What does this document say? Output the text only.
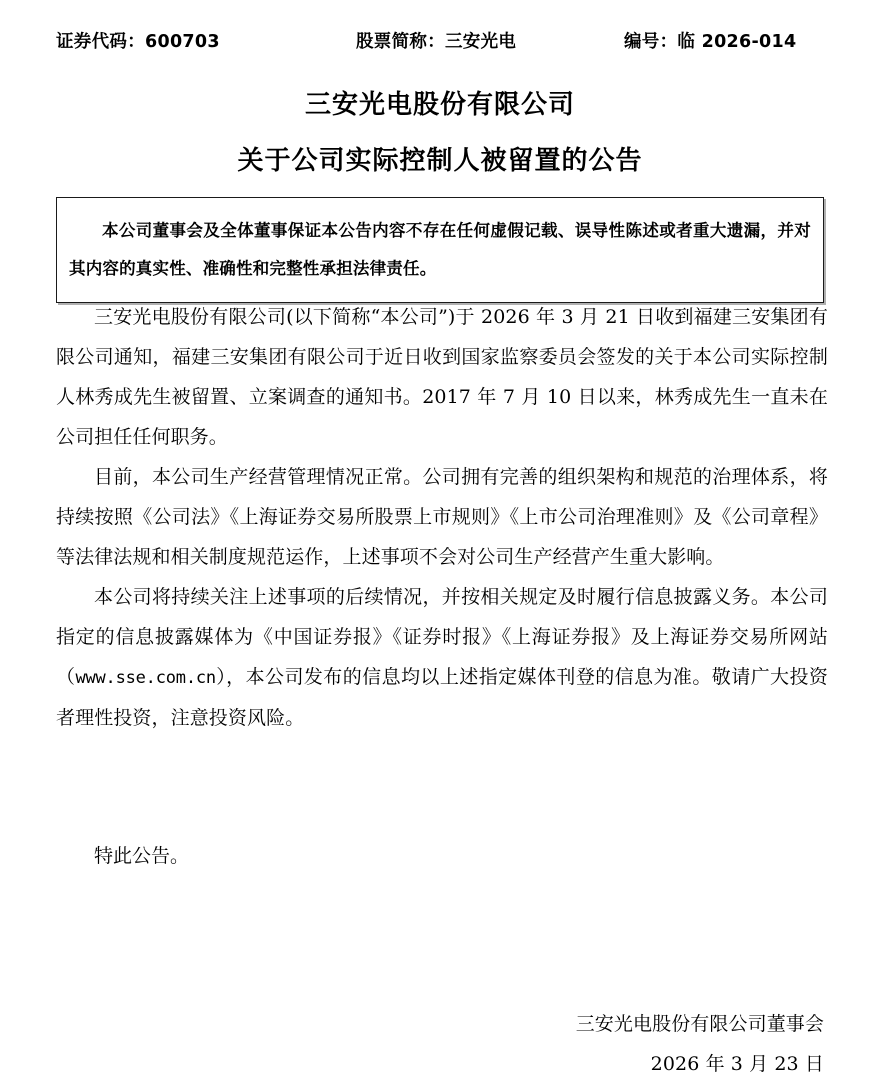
证券代码：600703	股票简称：三安光电	编号：临 2026-014
三安光电股份有限公司
关于公司实际控制人被留置的公告

本公司董事会及全体董事保证本公告内容不存在任何虚假记载、误导性陈述或者重大遗漏，并对其内容的真实性、准确性和完整性承担法律责任。

三安光电股份有限公司(以下简称“本公司”)于 2026 年 3 月 21 日收到福建三安集团有限公司通知，福建三安集团有限公司于近日收到国家监察委员会签发的关于本公司实际控制人林秀成先生被留置、立案调查的通知书。2017 年 7 月 10 日以来，林秀成先生一直未在公司担任任何职务。

目前，本公司生产经营管理情况正常。公司拥有完善的组织架构和规范的治理体系，将持续按照《公司法》《上海证券交易所股票上市规则》《上市公司治理准则》及《公司章程》等法律法规和相关制度规范运作，上述事项不会对公司生产经营产生重大影响。

本公司将持续关注上述事项的后续情况，并按相关规定及时履行信息披露义务。本公司指定的信息披露媒体为《中国证券报》《证券时报》《上海证券报》及上海证券交易所网站（www.sse.com.cn），本公司发布的信息均以上述指定媒体刊登的信息为准。敬请广大投资者理性投资，注意投资风险。

特此公告。
三安光电股份有限公司董事会
2026 年 3 月 23 日
